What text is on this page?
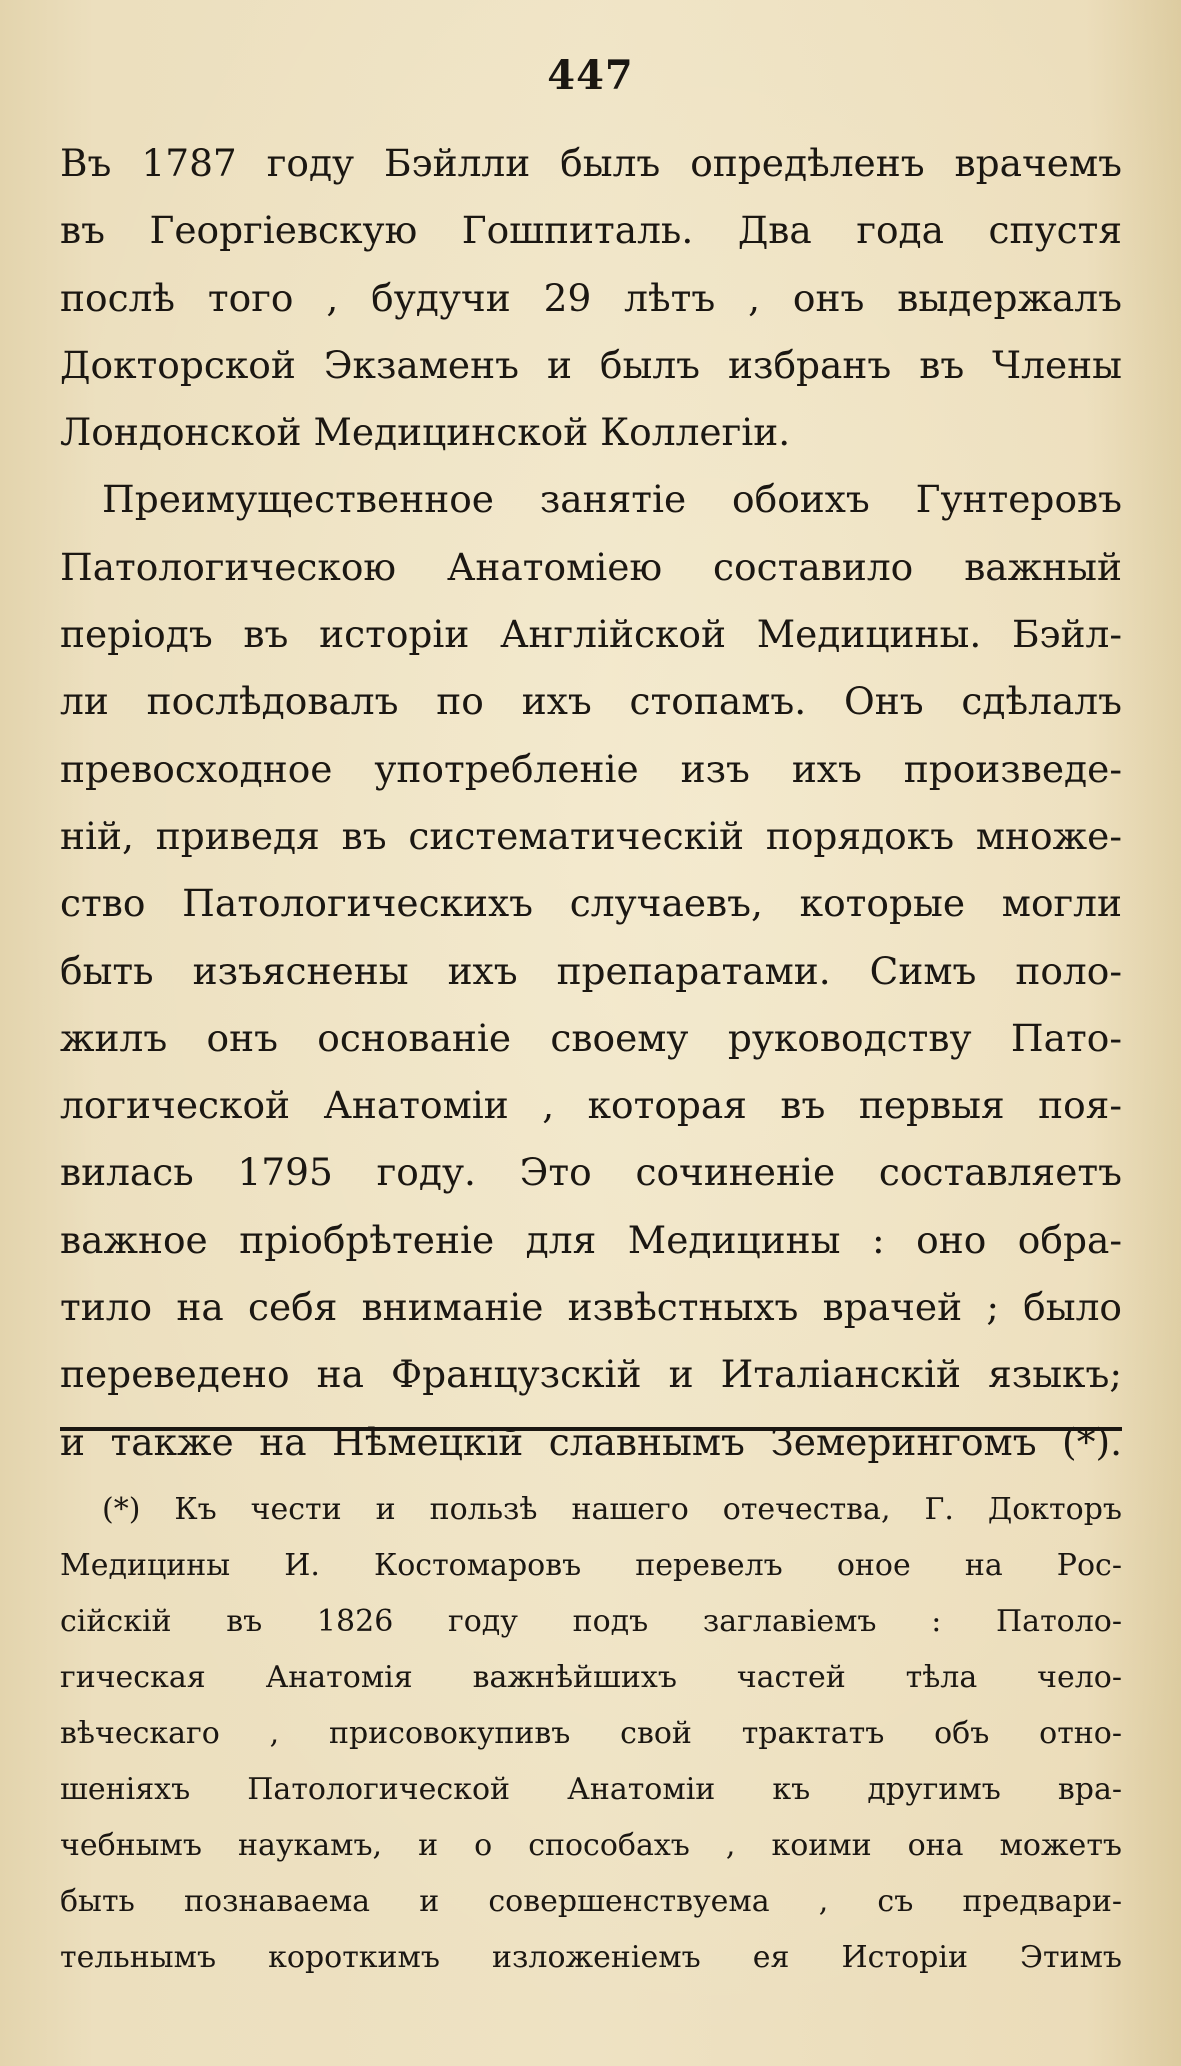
447
Въ 1787 году Бэйлли былъ опредѣленъ врачемъ
въ Георгіевскую Гошпиталь. Два года спустя
послѣ того , будучи 29 лѣтъ , онъ выдержалъ
Докторской Экзаменъ и былъ избранъ въ Члены
Лондонской Медицинской Коллегіи.
Преимущественное занятіе обоихъ Гунтеровъ
Патологическою Анатоміею составило важный
періодъ въ исторіи Англійской Медицины. Бэйл-
ли послѣдовалъ по ихъ стопамъ. Онъ сдѣлалъ
превосходное употребленіе изъ ихъ произведе-
ній, приведя въ систематическій порядокъ множе-
ство Патологическихъ случаевъ, которые могли
быть изъяснены ихъ препаратами. Симъ поло-
жилъ онъ основаніе своему руководству Пато-
логической Анатоміи , которая въ первыя поя-
вилась 1795 году. Это сочиненіе составляетъ
важное пріобрѣтеніе для Медицины : оно обра-
тило на себя вниманіе извѣстныхъ врачей ; было
переведено на Французскій и Италіанскій языкъ;
и также на Нѣмецкій славнымъ Земерингомъ (*).
(*) Къ чести и пользѣ нашего отечества, Г. Докторъ
Медицины И. Костомаровъ перевелъ оное на Рос-
сійскій въ 1826 году подъ заглавіемъ : Патоло-
гическая Анатомія важнѣйшихъ частей тѣла чело-
вѣческаго , присовокупивъ свой трактатъ объ отно-
шеніяхъ Патологической Анатоміи къ другимъ вра-
чебнымъ наукамъ, и о способахъ , коими она можетъ
быть познаваема и совершенствуема , съ предвари-
тельнымъ короткимъ изложеніемъ ея Исторіи Этимъ
